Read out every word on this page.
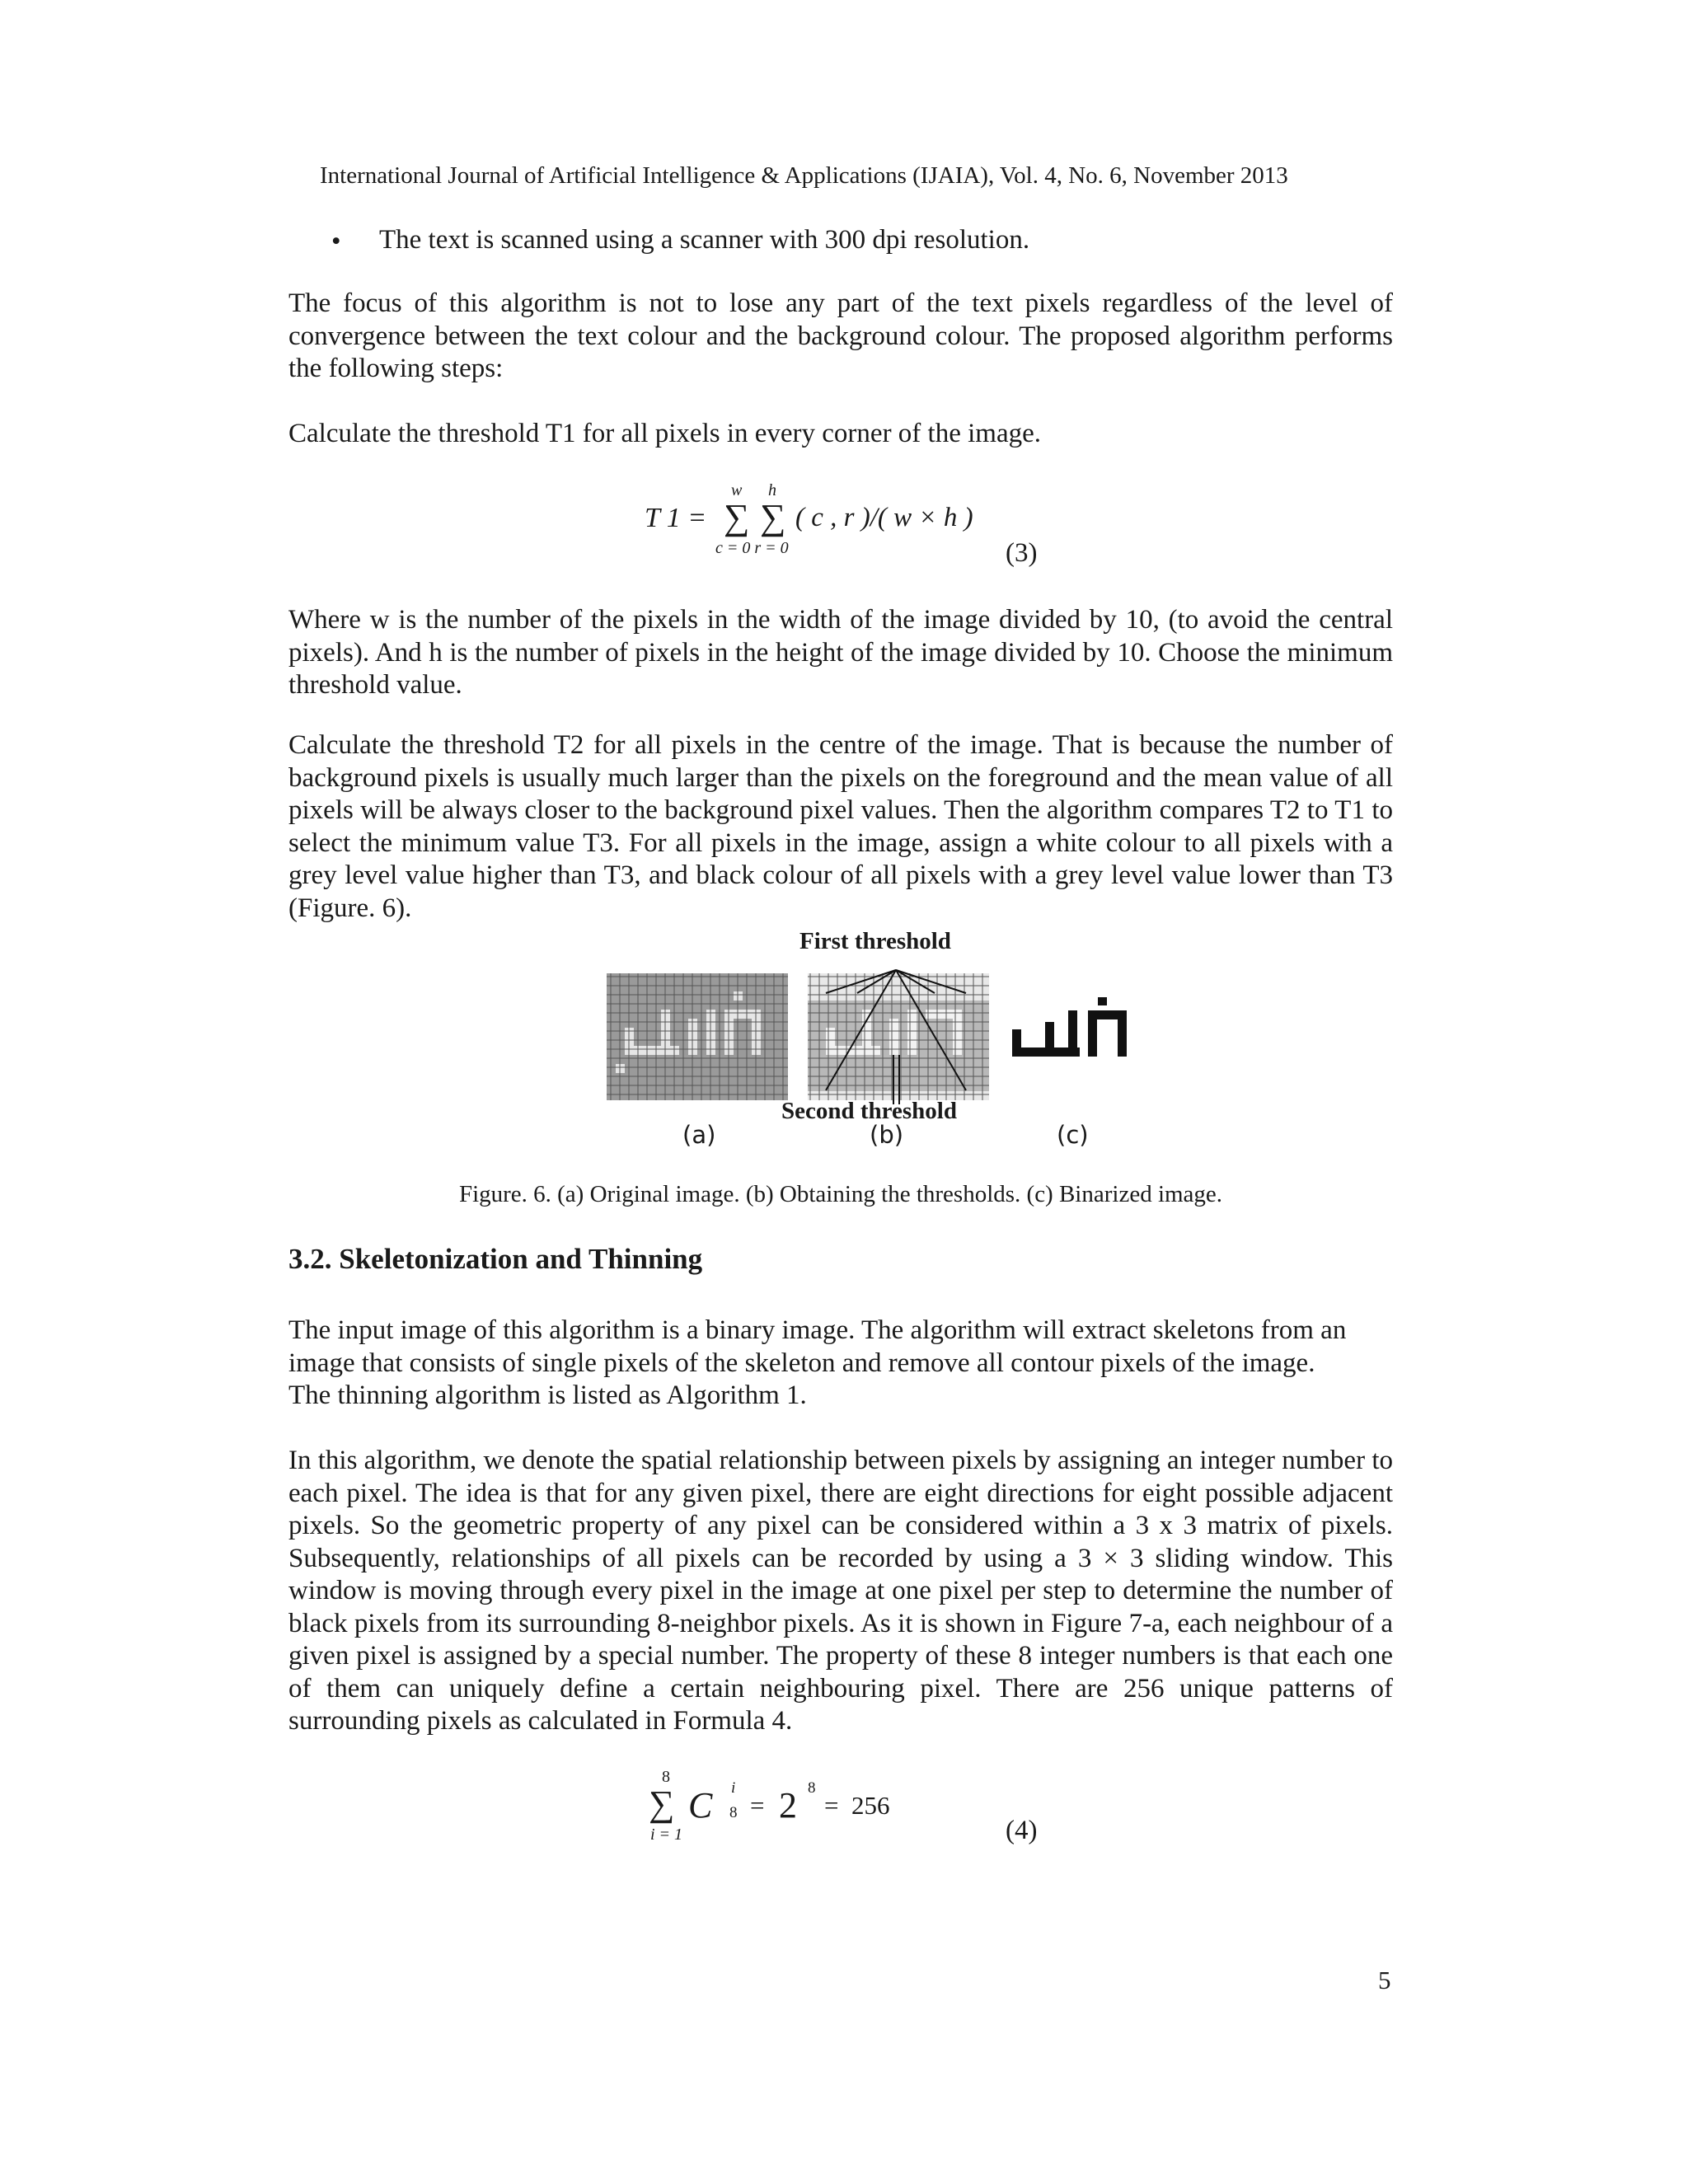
International Journal of Artificial Intelligence & Applications (IJAIA), Vol. 4, No. 6, November 2013
• The text is scanned using a scanner with 300 dpi resolution.
The focus of this algorithm is not to lose any part of the text pixels regardless of the level of convergence between the text colour and the background colour. The proposed algorithm performs the following steps:
Calculate the threshold T1 for all pixels in every corner of the image.
T 1 =
w h
∑ ∑
c = 0 r = 0
( c , r )/( w × h )
(3)
Where w is the number of the pixels in the width of the image divided by 10, (to avoid the central pixels). And h is the number of pixels in the height of the image divided by 10. Choose the minimum threshold value.
Calculate the threshold T2 for all pixels in the centre of the image. That is because the number of background pixels is usually much larger than the pixels on the foreground and the mean value of all pixels will be always closer to the background pixel values. Then the algorithm compares T2 to T1 to select the minimum value T3. For all pixels in the image, assign a white colour to all pixels with a grey level value higher than T3, and black colour of all pixels with a grey level value lower than T3 (Figure. 6).
First threshold
Second threshold
(a)	(b)	(c)
Figure. 6. (a) Original image. (b) Obtaining the thresholds. (c) Binarized image.
3.2. Skeletonization and Thinning
The input image of this algorithm is a binary image. The algorithm will extract skeletons from an image that consists of single pixels of the skeleton and remove all contour pixels of the image.
The thinning algorithm is listed as Algorithm 1.
In this algorithm, we denote the spatial relationship between pixels by assigning an integer number to each pixel. The idea is that for any given pixel, there are eight directions for eight possible adjacent pixels. So the geometric property of any pixel can be considered within a 3 x 3 matrix of pixels. Subsequently, relationships of all pixels can be recorded by using a 3 × 3 sliding window. This window is moving through every pixel in the image at one pixel per step to determine the number of black pixels from its surrounding 8-neighbor pixels. As it is shown in Figure 7-a, each neighbour of a given pixel is assigned by a special number. The property of these 8 integer numbers is that each one of them can uniquely define a certain neighbouring pixel. There are 256 unique patterns of surrounding pixels as calculated in Formula 4.
8
∑
i = 1
C i
8 = 2 8
=  256
(4)
5
